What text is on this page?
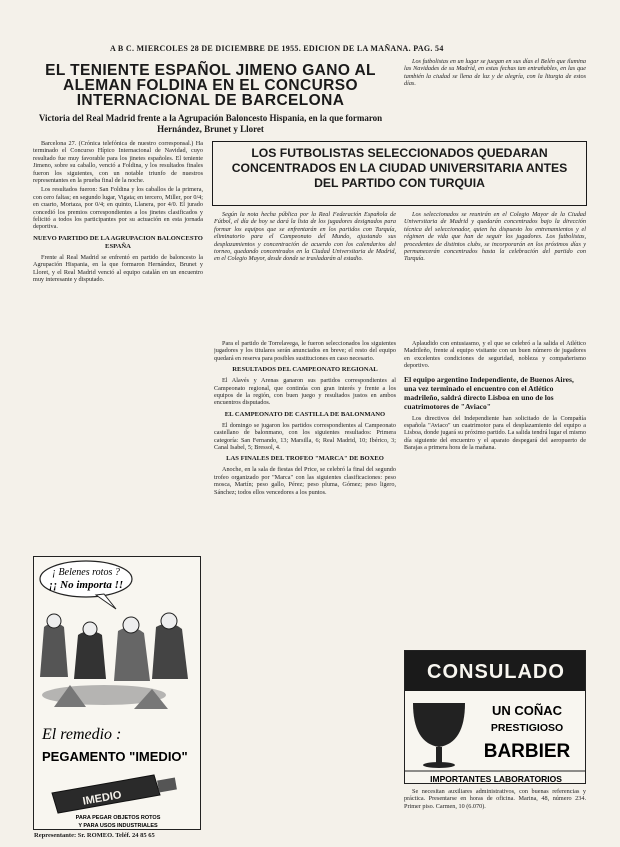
A B C. MIERCOLES 28 DE DICIEMBRE DE 1955. EDICION DE LA MAÑANA. PAG. 54
EL TENIENTE ESPAÑOL JIMENO GANO AL ALEMAN FOLDINA EN EL CONCURSO INTERNACIONAL DE BARCELONA
Victoria del Real Madrid frente a la Agrupación Baloncesto Hispania, en la que formaron Hernández, Brunet y Lloret

Barcelona 27. (Crónica telefónica de nuestro corresponsal.) Ha terminado el Concurso Hípico Internacional de Navidad, cuyo resultado fue muy favorable para los jinetes españoles. El teniente Jimeno, sobre su caballo, venció a Foldina, y los resultados finales fueron los siguientes, con un notable triunfo de nuestros representantes en la prueba final de la noche.

Los resultados fueron: San Foldina y los caballos de la primera, con cero faltas; en segundo lugar, Vigata; en tercero, Miller, por 0/4; en cuarto, Mortaza, por 0/4; en quinto, Llanera, por 4/0. El jurado concedió los premios correspondientes a los jinetes clasificados y felicitó a todos los participantes por su actuación en esta jornada deportiva.

NUEVO PARTIDO DE LA AGRUPACION BALONCESTO ESPAÑA

Frente al Real Madrid se enfrentó en partido de baloncesto la Agrupación Hispania, en la que formaron Hernández, Brunet y Lloret, y el Real Madrid venció al equipo catalán en un encuentro muy interesante y disputado.

Los futbolistas en un lugar se juegan en sus días el Belén que ilumina las Navidades de su Madrid, en estas fechas tan entrañables, en las que también la ciudad se llena de luz y de alegría, con la liturgia de estos días.

LOS FUTBOLISTAS SELECCIONADOS QUEDARAN CONCENTRADOS EN LA CIUDAD UNIVERSITARIA ANTES DEL PARTIDO CON TURQUIA

Según la nota hecha pública por la Real Federación Española de Fútbol, el día de hoy se dará la lista de los jugadores designados para formar los equipos que se enfrentarán en los partidos con Turquía, eliminatorio para el Campeonato del Mundo, ajustando sus desplazamientos y concentración de acuerdo con los calendarios del torneo, quedando concentrados en la Ciudad Universitaria de Madrid, en el Colegio Mayor, desde donde se trasladarán al estadio.

Los seleccionados se reunirán en el Colegio Mayor de la Ciudad Universitaria de Madrid y quedarán concentrados bajo la dirección técnica del seleccionador, quien ha dispuesto los entrenamientos y el régimen de vida que han de seguir los jugadores. Los futbolistas, procedentes de distintos clubs, se incorporarán en los próximos días y permanecerán concentrados hasta la celebración del partido con Turquía.

Para el partido de Torrelavega, le fueron seleccionados los siguientes jugadores y los titulares serán anunciados en breve; el resto del equipo quedará en reserva para posibles sustituciones en caso necesario.

RESULTADOS DEL CAMPEONATO REGIONAL

El Alavés y Arenas ganaron sus partidos correspondientes al Campeonato regional, que continúa con gran interés y frente a los equipos de la región, con buen juego y resultados justos en ambos encuentros disputados.

EL CAMPEONATO DE CASTILLA DE BALONMANO

El domingo se jugaron los partidos correspondientes al Campeonato castellano de balonmano, con los siguientes resultados: Primera categoría: San Fernando, 13; Marsilla, 6; Real Madrid, 10; Ibérico, 3; Canal Isabel, 5; Bressol, 4.

LAS FINALES DEL TROFEO "MARCA" DE BOXEO

Anoche, en la sala de fiestas del Price, se celebró la final del segundo trofeo organizado por "Marca" con las siguientes clasificaciones: peso mosca, Martín; peso gallo, Pérez; peso pluma, Gómez; peso ligero, Sánchez; todos ellos vencedores a los puntos.

Aplaudido con entusiasmo, y el que se celebró a la salida el Atlético Madrileño, frente al equipo visitante con un buen número de jugadores en excelentes condiciones de seguridad, nobleza y compañerismo deportivo.

El equipo argentino Independiente, de Buenos Aires, una vez terminado el encuentro con el Atlético madrileño, saldrá directo Lisboa en uno de los cuatrimotores de "Aviaco"

Los directivos del Independiente han solicitado de la Compañía española "Aviaco" un cuatrimotor para el desplazamiento del equipo a Lisboa, donde jugará su próximo partido. La salida tendrá lugar el mismo día siguiente del encuentro y el aparato despegará del aeropuerto de Barajas a primera hora de la mañana.

Se necesitan auxiliares administrativos, con buenas referencias y práctica. Presentarse en horas de oficina. Marina, 48, número 234. Primer piso. Carmen, 10 (6.070).

¡ Belenes rotos ?
¡¡ No importa !!
El remedio :
PEGAMENTO "IMEDIO"
IMEDIO
PARA PEGAR OBJETOS ROTOS
Y PARA USOS INDUSTRIALES
Representante: Sr. ROMEO. Teléf. 24 85 65
CONSULADO
UN COÑAC
PRESTIGIOSO
BARBIER
IMPORTANTES LABORATORIOS
